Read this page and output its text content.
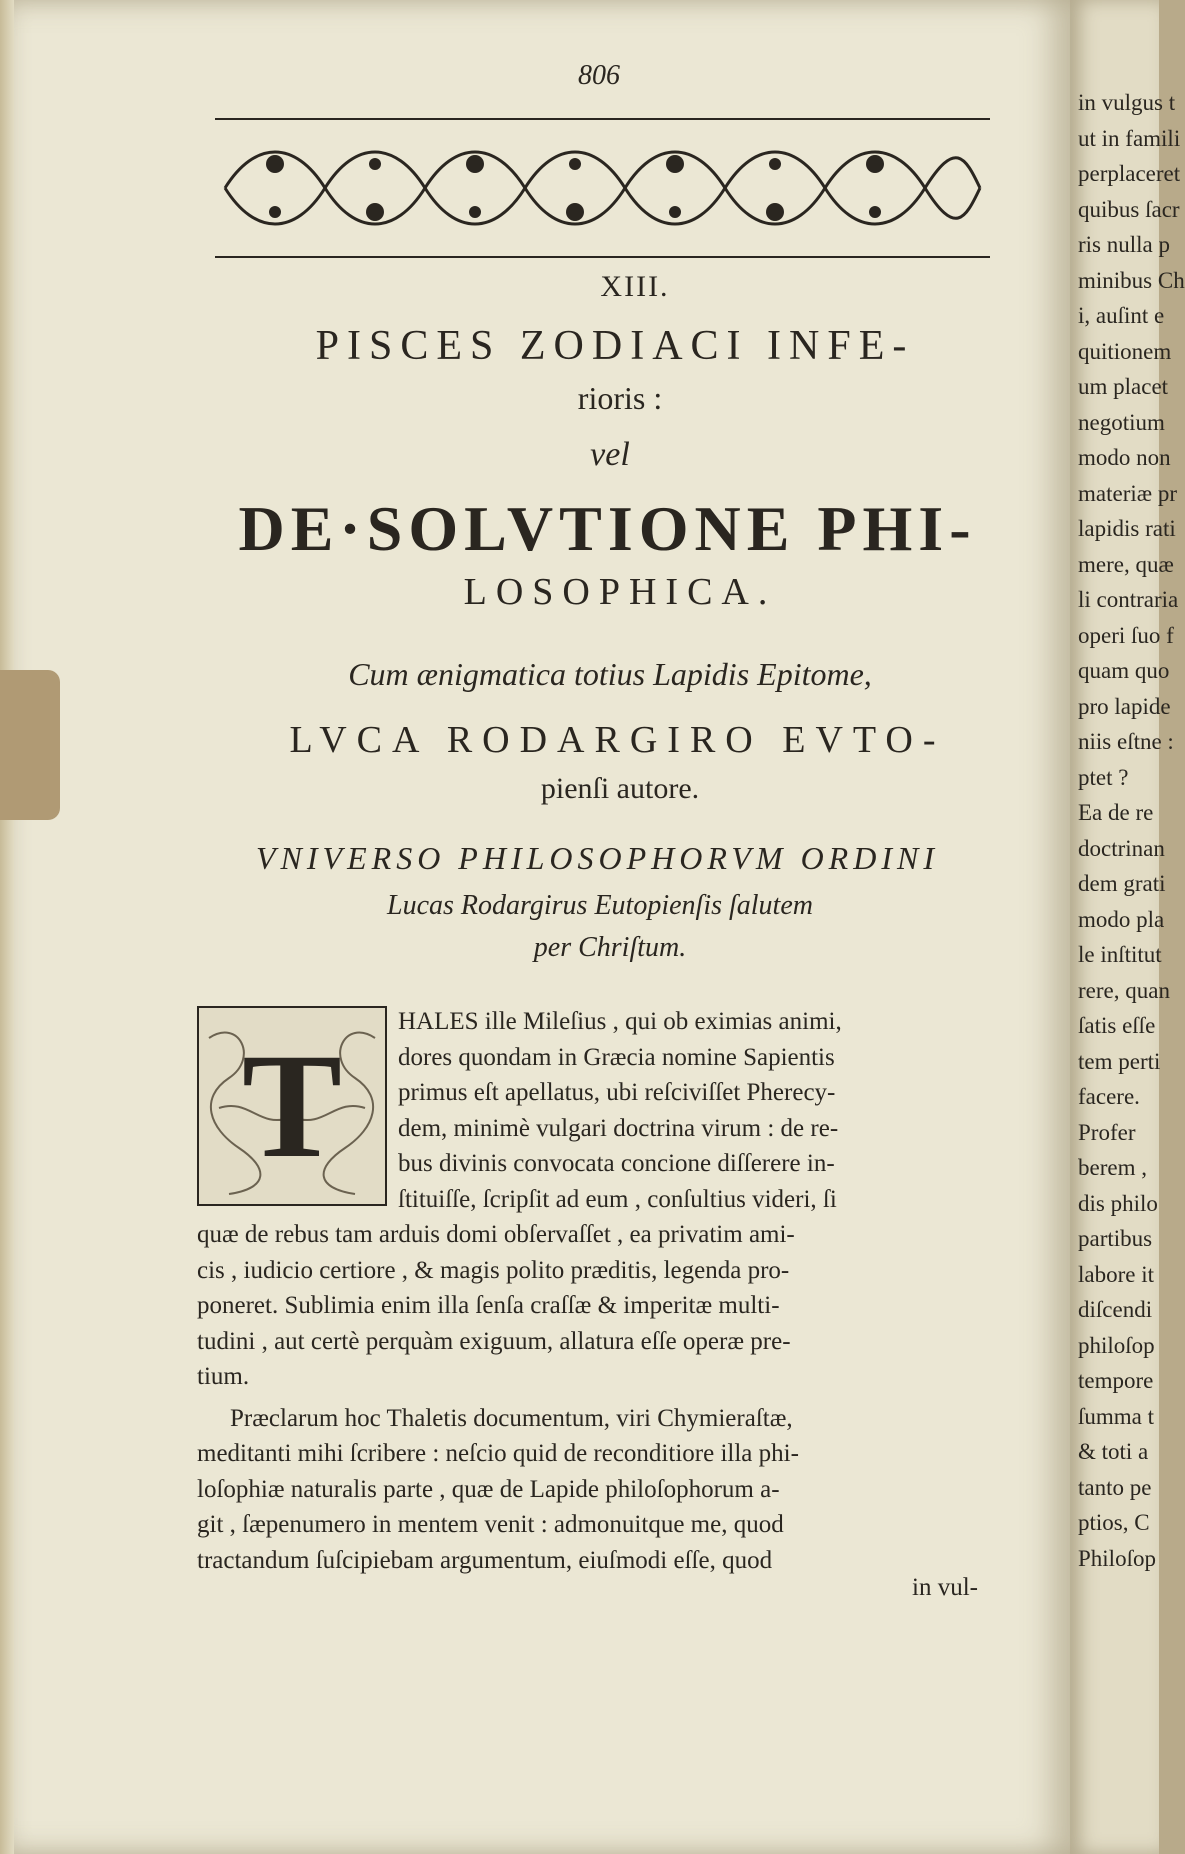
in vulgus t
ut in famili
perplaceret
quibus ſacr
ris nulla p
minibus Ch
i, auſint e
quitionem
um placet
negotium
modo non
materiæ pr
lapidis rati
mere, quæ
li contraria
operi ſuo f
quam quo
pro lapide
niis eſtne :
ptet ?
Ea de re
doctrinan
dem grati
modo pla
le inſtitut
rere, quan
ſatis eſſe
tem perti
facere.
Profer
berem ,
dis philo
partibus
labore it
diſcendi
philoſop
tempore
ſumma t
& toti a
tanto pe
ptios, C
Philoſop
806
XIII.
PISCES ZODIACI INFE-
rioris :
vel
DE·SOLVTIONE PHI-
LOSOPHICA.
Cum ænigmatica totius Lapidis Epitome,
LVCA RODARGIRO EVTO-
pienſi autore.
VNIVERSO PHILOSOPHORVM ORDINI
Lucas Rodargirus Eutopienſis ſalutem
per Chriſtum.
T
HALES ille Mileſius , qui ob eximias animi,
dores quondam in Græcia nomine Sapientis
primus eſt apellatus, ubi reſciviſſet Pherecy-
dem, minimè vulgari doctrina virum : de re-
bus divinis convocata concione diſſerere in-
ſtituiſſe, ſcripſit ad eum , conſultius videri, ſi
quæ de rebus tam arduis domi obſervaſſet , ea privatim ami-
cis , iudicio certiore , & magis polito præditis, legenda pro-
poneret. Sublimia enim illa ſenſa craſſæ & imperitæ multi-
tudini , aut certè perquàm exiguum, allatura eſſe operæ pre-
tium.
Præclarum hoc Thaletis documentum, viri Chymieraſtæ,
meditanti mihi ſcribere : neſcio quid de reconditiore illa phi-
loſophiæ naturalis parte , quæ de Lapide philoſophorum a-
git , ſæpenumero in mentem venit : admonuitque me, quod
tractandum ſuſcipiebam argumentum, eiuſmodi eſſe, quod
in vul-
